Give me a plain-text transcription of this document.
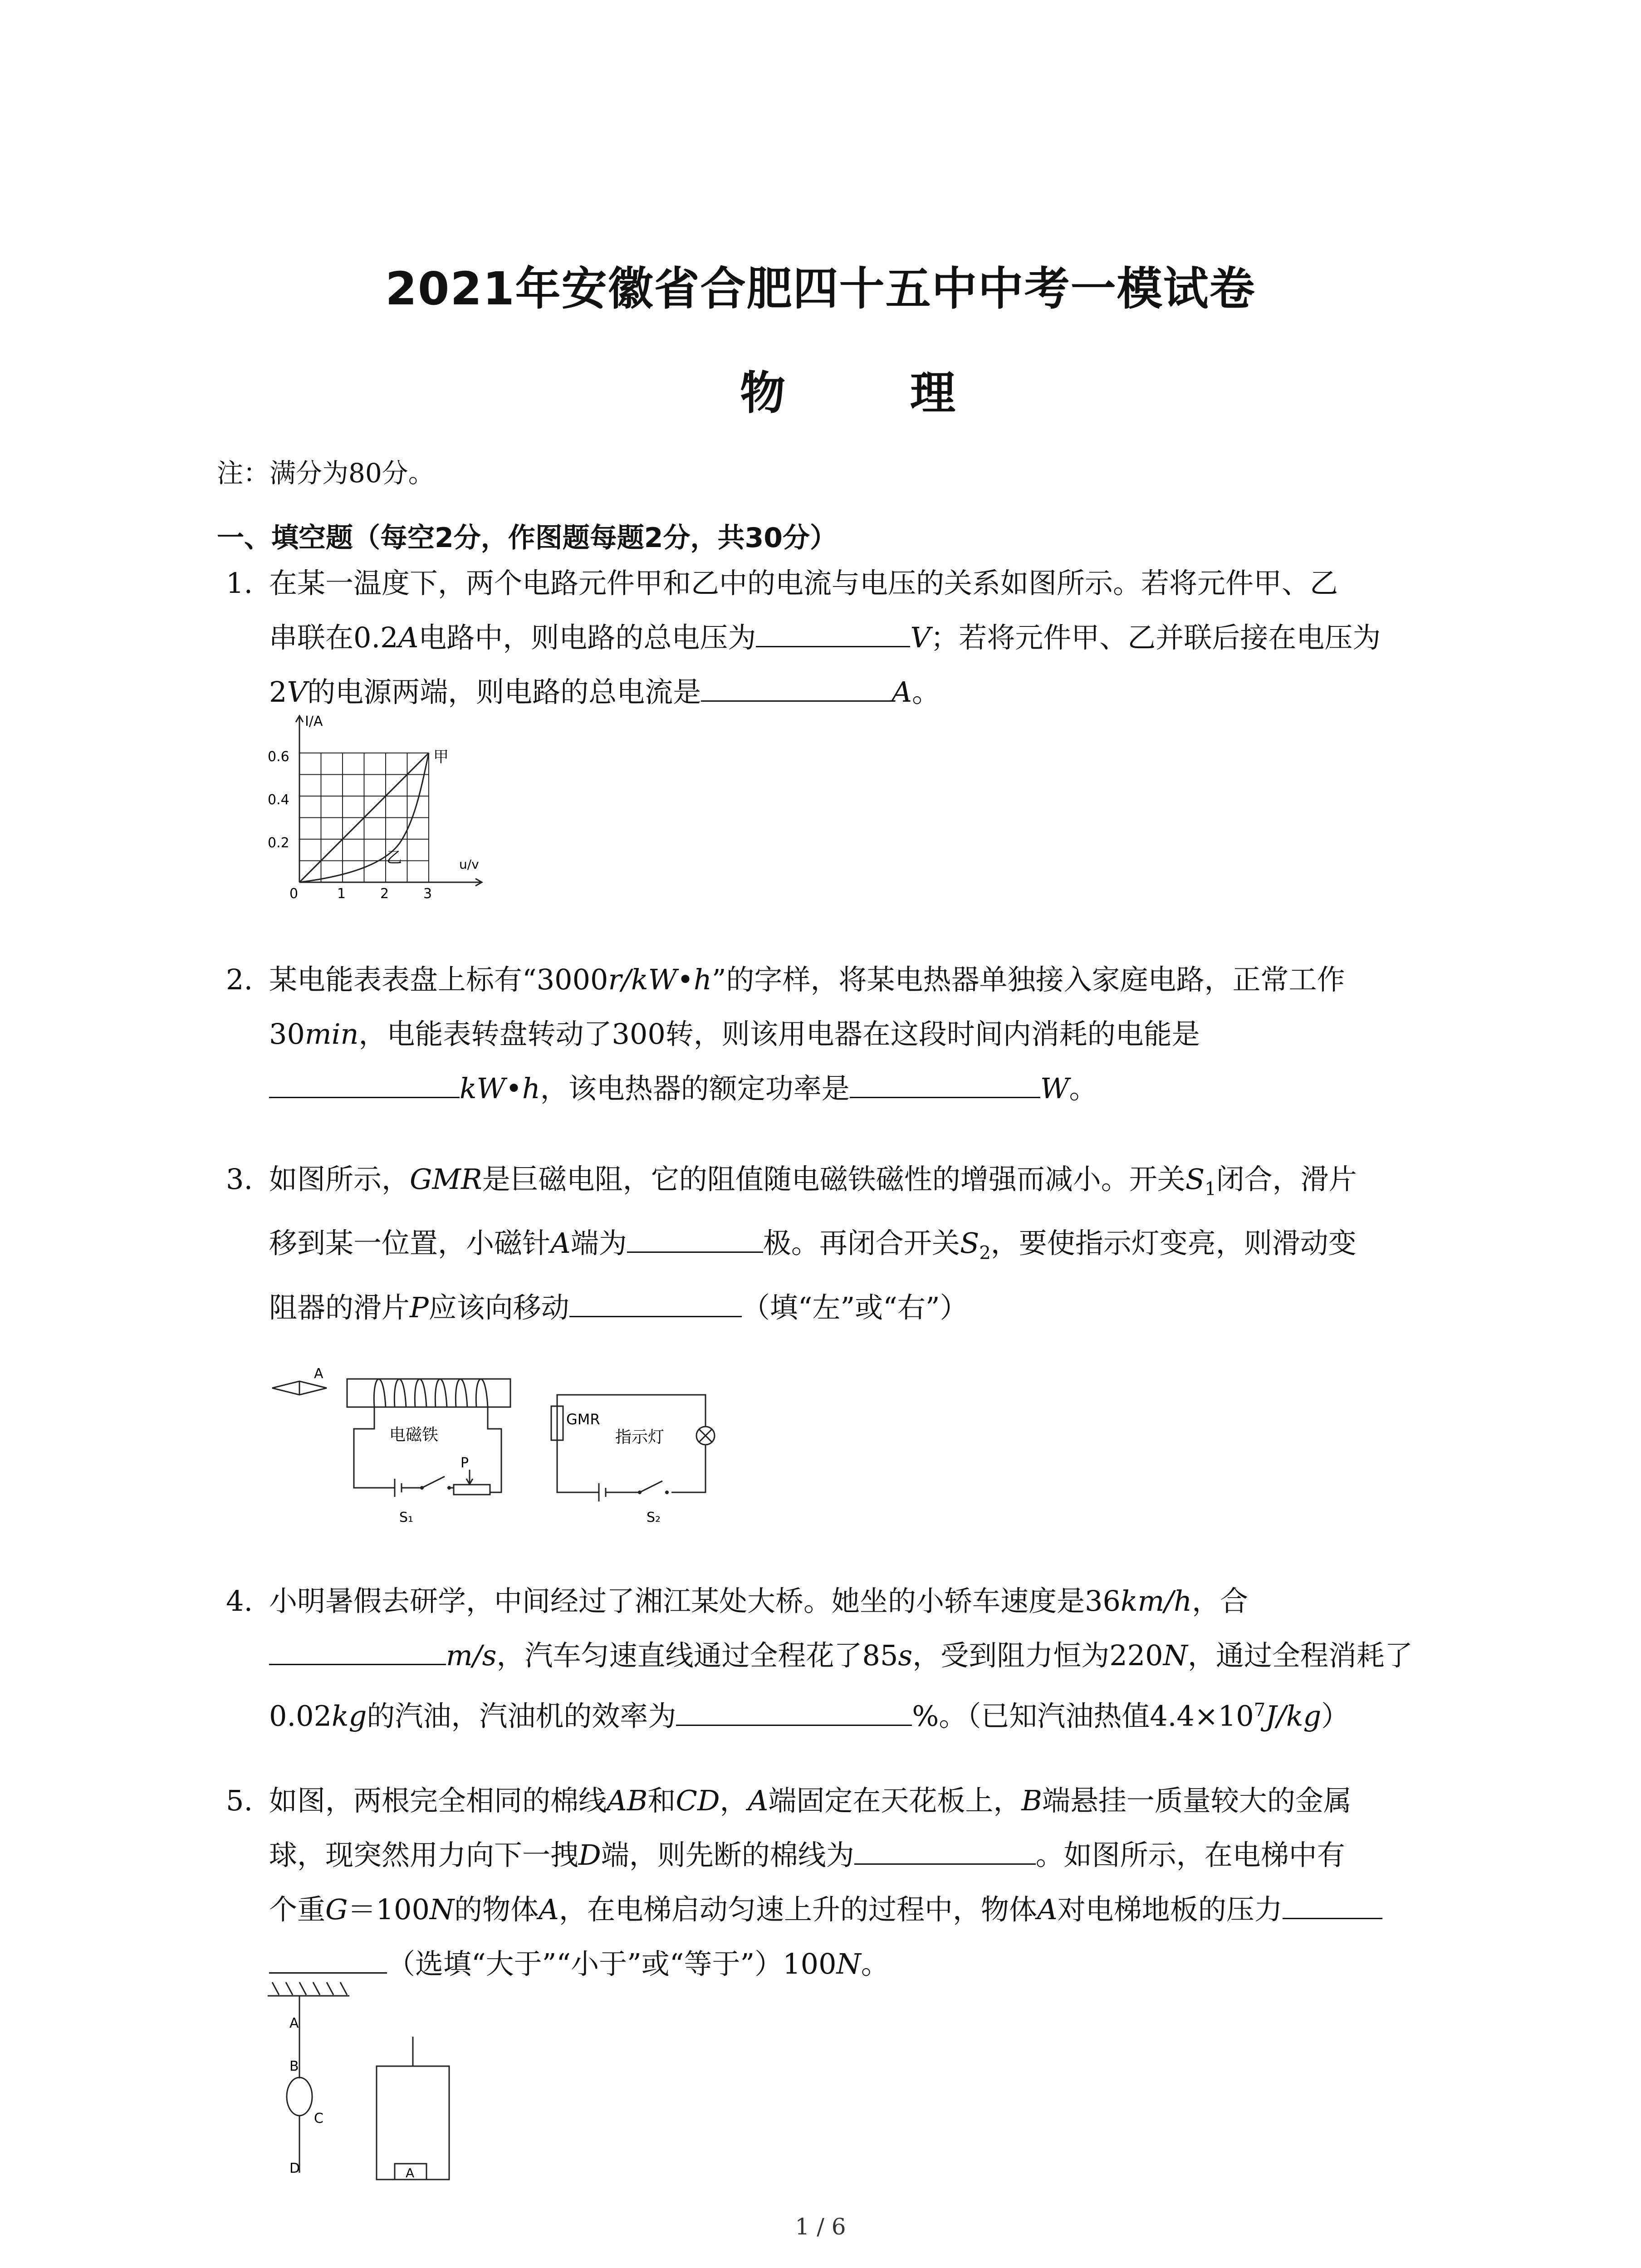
2021年安徽省合肥四十五中中考一模试卷
物 理
注：满分为80分。
一、填空题（每空2分，作图题每题2分，共30分）
1. 在某一温度下，两个电路元件甲和乙中的电流与电压的关系如图所示。若将元件甲、乙
串联在0.2A电路中，则电路的总电压为	V；若将元件甲、乙并联后接在电压为
2V的电源两端，则电路的总电流是	A。
I/A
u/v
0.6
0.4
0.2
0	1	2	3
甲
乙
2. 某电能表表盘上标有“3000r/kW•h”的字样，将某电热器单独接入家庭电路，正常工作
30min，电能表转盘转动了300转，则该用电器在这段时间内消耗的电能是
kW•h，该电热器的额定功率是	W。
3. 如图所示，GMR是巨磁电阻，它的阻值随电磁铁磁性的增强而减小。开关$S_1$闭合，滑片
移到某一位置，小磁针A端为	极。再闭合开关$S_2$，要使指示灯变亮，则滑动变
阻器的滑片P应该向移动	（填“左”或“右”）
A
电磁铁
P
S₁
GMR
指示灯
S₂
4. 小明暑假去研学，中间经过了湘江某处大桥。她坐的小轿车速度是36km/h，合
m/s，汽车匀速直线通过全程花了85s，受到阻力恒为220N，通过全程消耗了
0.02kg的汽油，汽油机的效率为	%。（已知汽油热值$4.4\times 10^7J/kg$）
5. 如图，两根完全相同的棉线AB和CD，A端固定在天花板上，B端悬挂一质量较大的金属
球，现突然用力向下一拽D端，则先断的棉线为	。如图所示，在电梯中有
个重G＝100N的物体A，在电梯启动匀速上升的过程中，物体A对电梯地板的压力
（选填“大于”“小于”或“等于”）100N。
A
B
C
D	A
1 / 6
